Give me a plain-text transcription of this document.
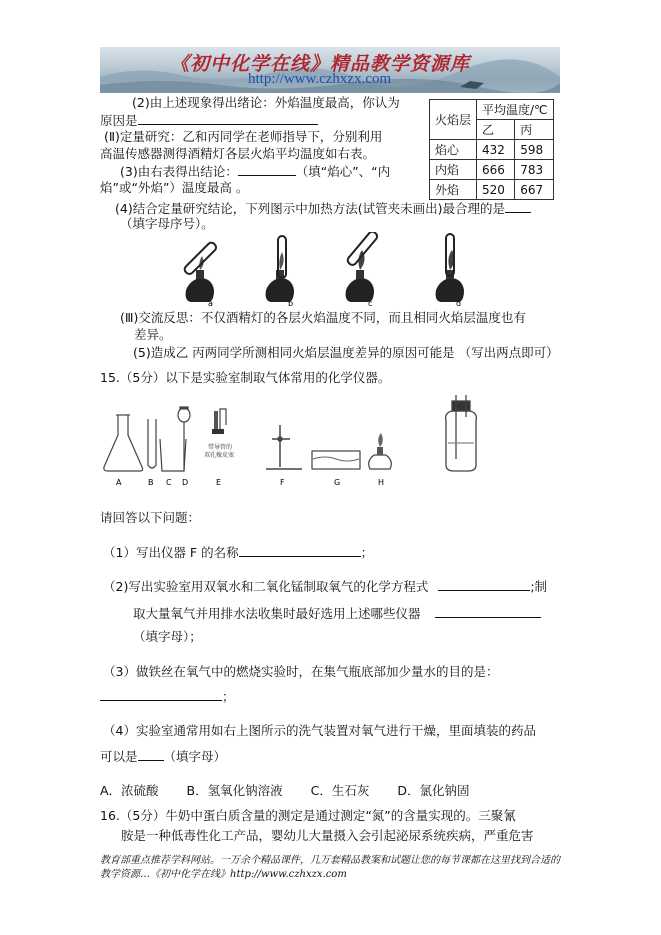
《初中化学在线》精品教学资源库
http://www.czhxzx.com
(2)由上述现象得出绪论：外焰温度最高，你认为
原因是
(Ⅱ)定量研究：乙和丙同学在老师指导下，分别利用
高温传感器测得酒精灯各层火焰平均温度如右表。
(3)由右表得出结论：	（填“焰心”、“内
焰”或“外焰”）温度最高 。
(4)结合定量研究结论，下列图示中加热方法(试管夹未画出)最合理的是
（填字母序号）。
火焰层	平均温度/℃	
	乙	丙
焰心	432	598
内焰	666	783
外焰	520	667
a	b	c	d
(Ⅲ)交流反思：不仅酒精灯的各层火焰温度不同，而且相同火焰层温度也有
差异。
(5)造成乙 丙两同学所测相同火焰层温度差异的原因可能是 （写出两点即可）
15.（5分）以下是实验室制取气体常用的化学仪器。
带导管的
双孔橡皮塞
A	B C D	E	F	G	H
请回答以下问题：
（1）写出仪器 F 的名称	；
（2)写出实验室用双氧水和二氧化锰制取氧气的化学方程式	;制
取大量氧气并用排水法收集时最好选用上述哪些仪器
（填字母）；
（3）做铁丝在氧气中的燃烧实验时，在集气瓶底部加少量水的目的是：
；
（4）实验室通常用如右上图所示的洗气装置对氧气进行干燥，里面填装的药品
可以是 （填字母）
A．浓硫酸 B．氢氧化钠溶液 C．生石灰 D．氯化钠固
16.（5分）牛奶中蛋白质含量的测定是通过测定“氮”的含量实现的。三聚氰
胺是一种低毒性化工产品，婴幼儿大量摄入会引起泌尿系统疾病，严重危害
教育部重点推荐学科网站。一万余个精品课件，几万套精品教案和试题让您的每节课都在这里找到合适的
教学资源…《初中化学在线》http://www.czhxzx.com
